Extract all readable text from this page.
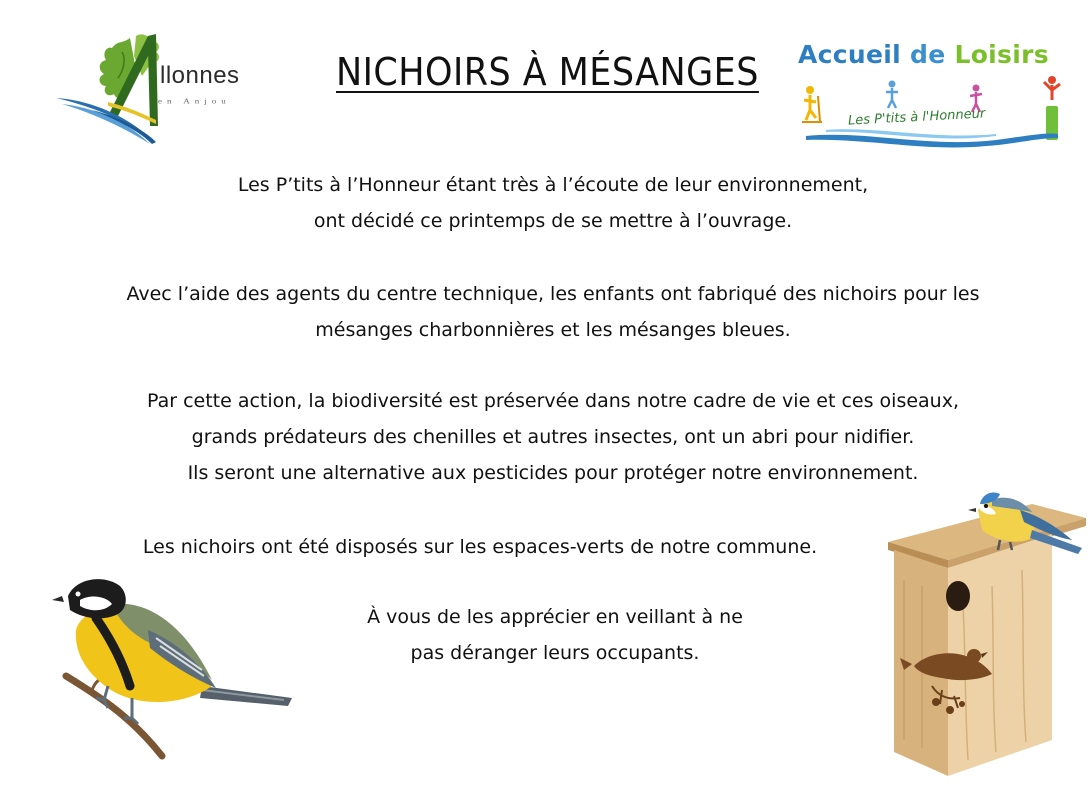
llonnes
en Anjou
NICHOIRS À MÉSANGES Accueil de Loisirs
Les P'tits à l'Honneur
Les P’tits à l’Honneur étant très à l’écoute de leur environnement,
ont décidé ce printemps de se mettre à l’ouvrage.
Avec l’aide des agents du centre technique, les enfants ont fabriqué des nichoirs pour les
mésanges charbonnières et les mésanges bleues.
Par cette action, la biodiversité est préservée dans notre cadre de vie et ces oiseaux,
grands prédateurs des chenilles et autres insectes, ont un abri pour nidifier.
Ils seront une alternative aux pesticides pour protéger notre environnement.
Les nichoirs ont été disposés sur les espaces-verts de notre commune.
À vous de les apprécier en veillant à ne
pas déranger leurs occupants.
